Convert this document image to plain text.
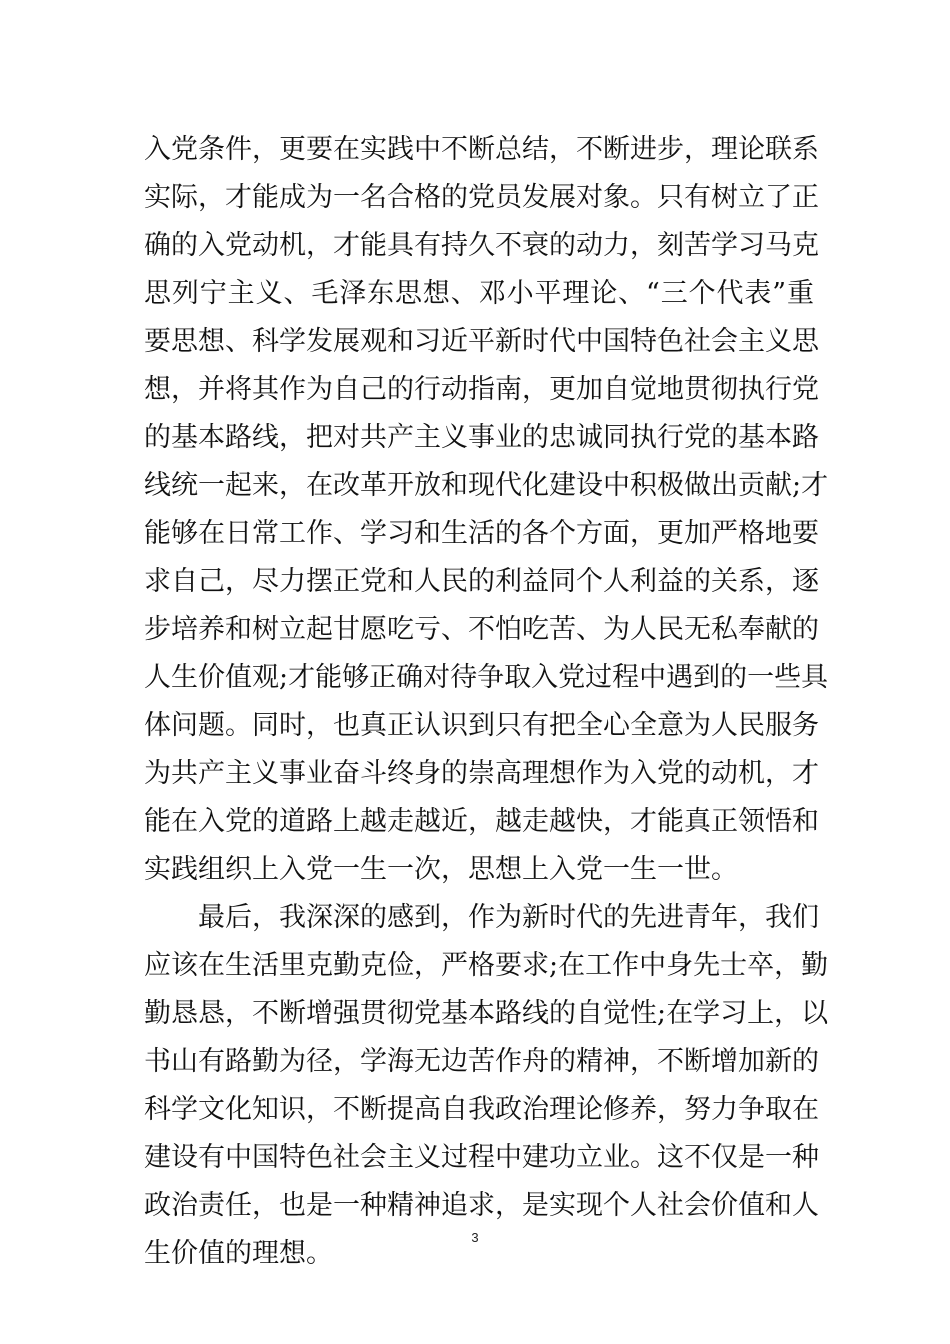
入党条件，更要在实践中不断总结，不断进步，理论联系
实际，才能成为一名合格的党员发展对象。只有树立了正
确的入党动机，才能具有持久不衰的动力，刻苦学习马克
思列宁主义、毛泽东思想、邓小平理论、“三个代表”重
要思想、科学发展观和习近平新时代中国特色社会主义思
想，并将其作为自己的行动指南，更加自觉地贯彻执行党
的基本路线，把对共产主义事业的忠诚同执行党的基本路
线统一起来，在改革开放和现代化建设中积极做出贡献;才
能够在日常工作、学习和生活的各个方面，更加严格地要
求自己，尽力摆正党和人民的利益同个人利益的关系，逐
步培养和树立起甘愿吃亏、不怕吃苦、为人民无私奉献的
人生价值观;才能够正确对待争取入党过程中遇到的一些具
体问题。同时，也真正认识到只有把全心全意为人民服务
为共产主义事业奋斗终身的崇高理想作为入党的动机，才
能在入党的道路上越走越近，越走越快，才能真正领悟和
实践组织上入党一生一次，思想上入党一生一世。
最后，我深深的感到，作为新时代的先进青年，我们
应该在生活里克勤克俭，严格要求;在工作中身先士卒，勤
勤恳恳，不断增强贯彻党基本路线的自觉性;在学习上，以
书山有路勤为径，学海无边苦作舟的精神，不断增加新的
科学文化知识，不断提高自我政治理论修养，努力争取在
建设有中国特色社会主义过程中建功立业。这不仅是一种
政治责任，也是一种精神追求，是实现个人社会价值和人
生价值的理想。
3
